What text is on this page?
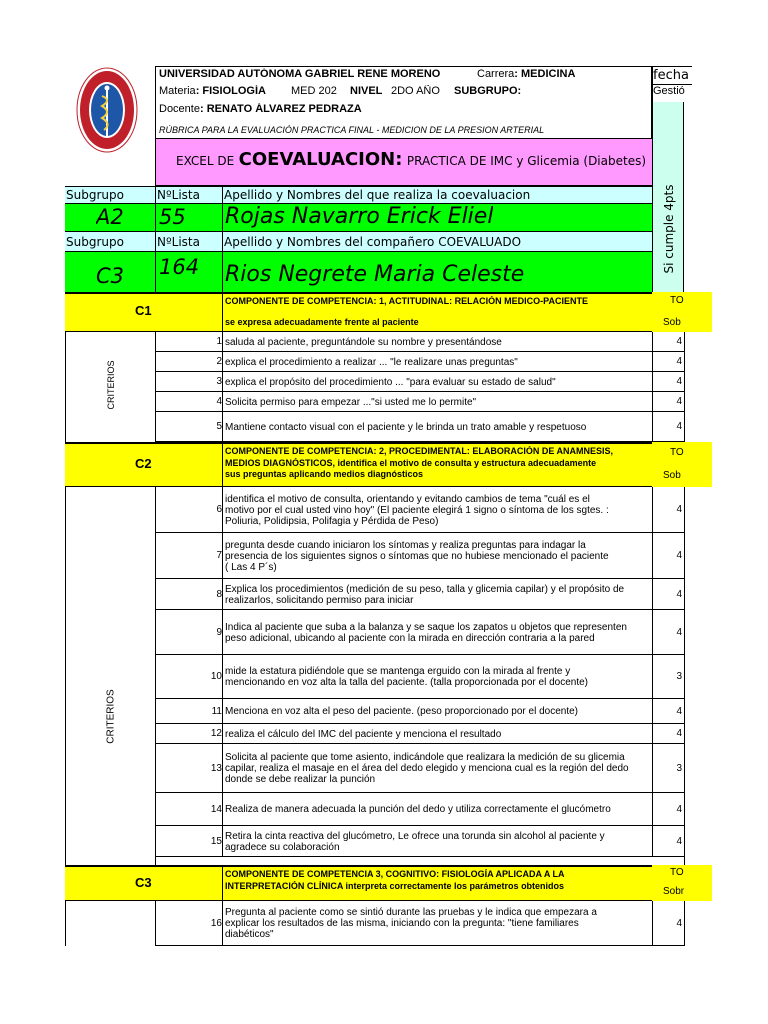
UNIVERSIDAD AUTÓNOMA GABRIEL RENE MORENO	Carrera: MEDICINA
Materia: FISIOLOGÍA MED 202 NIVEL 2DO AÑO SUBGRUPO:
Docente: RENATO ÁLVAREZ PEDRAZA
RÚBRICA PARA LA EVALUACIÓN PRACTICA FINAL - MEDICION DE LA PRESION ARTERIAL
fecha
Gestió
EXCEL DE COEVALUACION: PRACTICA DE IMC y Glicemia (Diabetes)
Si cumple 4pts
Subgrupo	NºLista Apellido y Nombres del que realiza la coevaluacion
A2 55 Rojas Navarro Erick Eliel
Subgrupo	NºLista Apellido y Nombres del compañero COEVALUADO
C3 164 Rios Negrete Maria Celeste
C1
COMPONENTE DE COMPETENCIA: 1, ACTITUDINAL: RELACIÓN MEDICO-PACIENTE
se expresa adecuadamente frente al paciente
TO
Sob
CRITERIOS
1 saluda al paciente, preguntándole su nombre y presentándose	4
2 explica el procedimiento a realizar ... "le realizare unas preguntas"	4
3 explica el propósito del procedimiento ... "para evaluar su estado de salud"	4
4 Solicita permiso para empezar ..."si usted me lo permite"	4
5 Mantiene contacto visual con el paciente y le brinda un trato amable y respetuoso	4
C2
COMPONENTE DE COMPETENCIA: 2, PROCEDIMENTAL: ELABORACIÓN DE ANAMNESIS,
MEDIOS DIAGNÓSTICOS, identifica el motivo de consulta y estructura adecuadamente
sus preguntas aplicando medios diagnósticos
TO
Sob
CRITERIOS
6
identifica el motivo de consulta, orientando y evitando cambios de tema "cuál es el
motivo por el cual usted vino hoy" (El paciente elegirá 1 signo o síntoma de los sgtes. :
Poliuria, Polidipsia, Polifagia y Pérdida de Peso)
4
7
pregunta desde cuando iniciaron los síntomas y realiza preguntas para indagar la
presencia de los siguientes signos o síntomas que no hubiese mencionado el paciente
( Las 4 P´s)
4
8 Explica los procedimientos (medición de su peso, talla y glicemia capilar) y el propósito de
realizarlos, solicitando permiso para iniciar
4
9 Indica al paciente que suba a la balanza y se saque los zapatos u objetos que representen
peso adicional, ubicando al paciente con la mirada en dirección contraria a la pared
4
10 mide la estatura pidiéndole que se mantenga erguido con la mirada al frente y
mencionando en voz alta la talla del paciente. (talla proporcionada por el docente)
3
11 Menciona en voz alta el peso del paciente. (peso proporcionado por el docente)	4
12 realiza el cálculo del IMC del paciente y menciona el resultado	4
13
Solicita al paciente que tome asiento, indicándole que realizara la medición de su glicemia
capilar, realiza el masaje en el área del dedo elegido y menciona cual es la región del dedo
donde se debe realizar la punción
3
14 Realiza de manera adecuada la punción del dedo y utiliza correctamente el glucómetro	4
15 Retira la cinta reactiva del glucómetro, Le ofrece una torunda sin alcohol al paciente y
agradece su colaboración
4
C3
COMPONENTE DE COMPETENCIA 3, COGNITIVO: FISIOLOGÍA APLICADA A LA
INTERPRETACIÓN CLÍNICA interpreta correctamente los parámetros obtenidos
TO
Sobr
16
Pregunta al paciente como se sintió durante las pruebas y le indica que empezara a
explicar los resultados de las misma, iniciando con la pregunta: "tiene familiares
diabéticos"
4
